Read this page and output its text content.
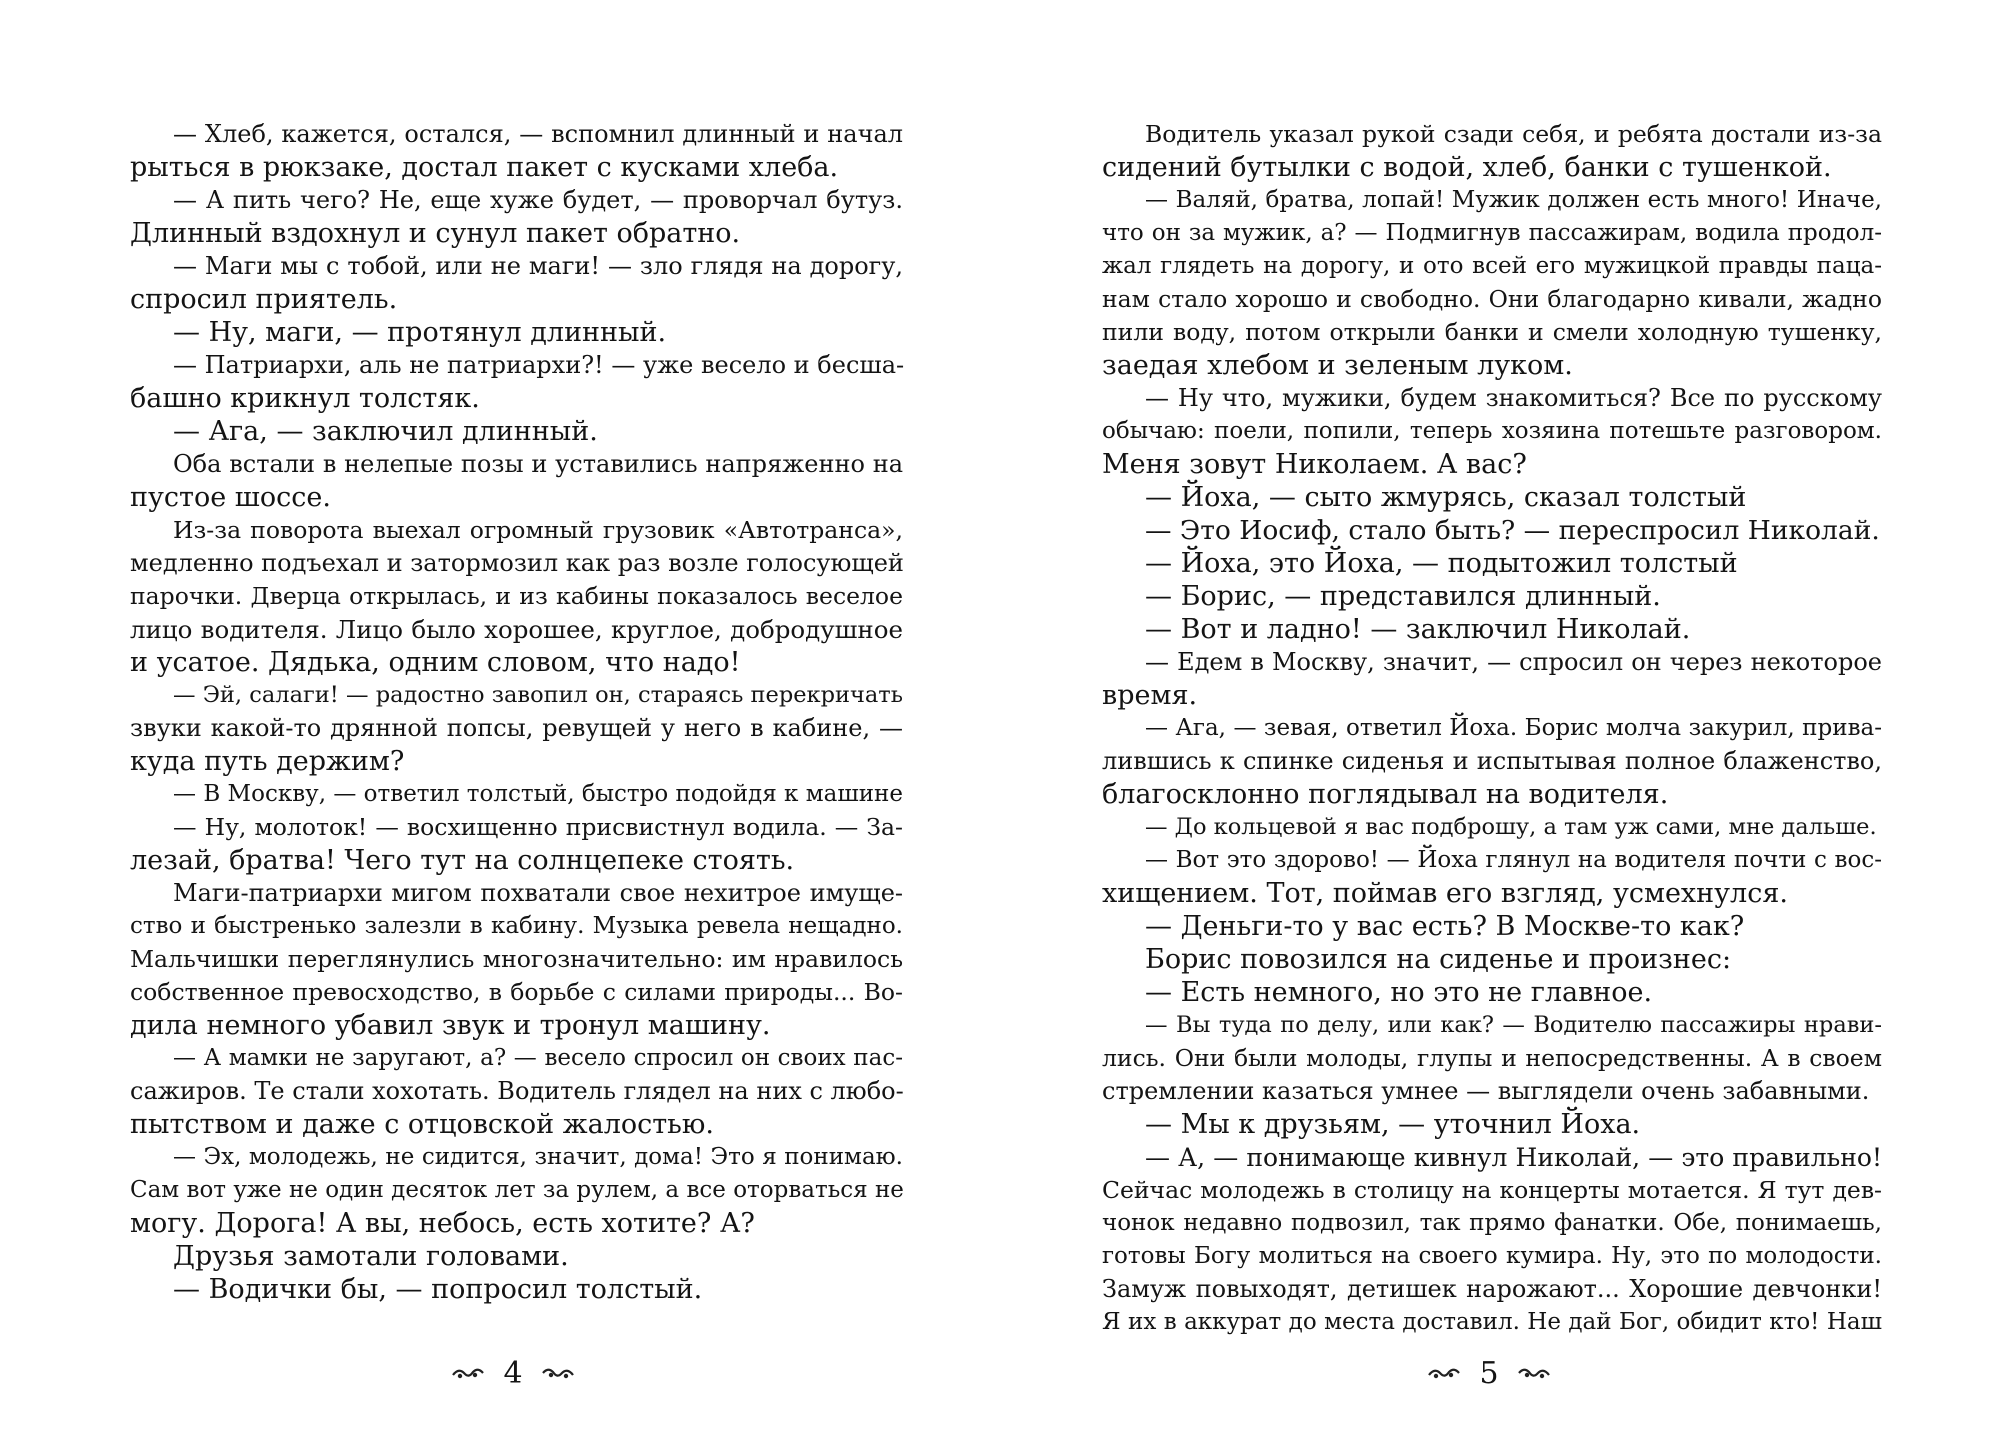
— Хлеб, кажется, остался, — вспомнил длинный и начал
рыться в рюкзаке, достал пакет с кусками хлеба.
— А пить чего? Не, еще хуже будет, — проворчал бутуз.
Длинный вздохнул и сунул пакет обратно.
— Маги мы с тобой, или не маги! — зло глядя на дорогу,
спросил приятель.
— Ну, маги, — протянул длинный.
— Патриархи, аль не патриархи?! — уже весело и бесша-
башно крикнул толстяк.
— Ага, — заключил длинный.
Оба встали в нелепые позы и уставились напряженно на
пустое шоссе.
Из-за поворота выехал огромный грузовик «Автотранса»,
медленно подъехал и затормозил как раз возле голосующей
парочки. Дверца открылась, и из кабины показалось веселое
лицо водителя. Лицо было хорошее, круглое, добродушное
и усатое. Дядька, одним словом, что надо!
— Эй, салаги! — радостно завопил он, стараясь перекричать
звуки какой-то дрянной попсы, ревущей у него в кабине, —
куда путь держим?
— В Москву, — ответил толстый, быстро подойдя к машине
— Ну, молоток! — восхищенно присвистнул водила. — За-
лезай, братва! Чего тут на солнцепеке стоять.
Маги-патриархи мигом похватали свое нехитрое имуще-
ство и быстренько залезли в кабину. Музыка ревела нещадно.
Мальчишки переглянулись многозначительно: им нравилось
собственное превосходство, в борьбе с силами природы... Во-
дила немного убавил звук и тронул машину.
— А мамки не заругают, а? — весело спросил он своих пас-
сажиров. Те стали хохотать. Водитель глядел на них с любо-
пытством и даже с отцовской жалостью.
— Эх, молодежь, не сидится, значит, дома! Это я понимаю.
Сам вот уже не один десяток лет за рулем, а все оторваться не
могу. Дорога! А вы, небось, есть хотите? А?
Друзья замотали головами.
— Водички бы, — попросил толстый.
4
Водитель указал рукой сзади себя, и ребята достали из-за
сидений бутылки с водой, хлеб, банки с тушенкой.
— Валяй, братва, лопай! Мужик должен есть много! Иначе,
что он за мужик, а? — Подмигнув пассажирам, водила продол-
жал глядеть на дорогу, и ото всей его мужицкой правды паца-
нам стало хорошо и свободно. Они благодарно кивали, жадно
пили воду, потом открыли банки и смели холодную тушенку,
заедая хлебом и зеленым луком.
— Ну что, мужики, будем знакомиться? Все по русскому
обычаю: поели, попили, теперь хозяина потешьте разговором.
Меня зовут Николаем. А вас?
— Йоха, — сыто жмурясь, сказал толстый
— Это Иосиф, стало быть? — переспросил Николай.
— Йоха, это Йоха, — подытожил толстый
— Борис, — представился длинный.
— Вот и ладно! — заключил Николай.
— Едем в Москву, значит, — спросил он через некоторое
время.
— Ага, — зевая, ответил Йоха. Борис молча закурил, прива-
лившись к спинке сиденья и испытывая полное блаженство,
благосклонно поглядывал на водителя.
— До кольцевой я вас подброшу, а там уж сами, мне дальше.
— Вот это здорово! — Йоха глянул на водителя почти с вос-
хищением. Тот, поймав его взгляд, усмехнулся.
— Деньги-то у вас есть? В Москве-то как?
Борис повозился на сиденье и произнес:
— Есть немного, но это не главное.
— Вы туда по делу, или как? — Водителю пассажиры нрави-
лись. Они были молоды, глупы и непосредственны. А в своем
стремлении казаться умнее — выглядели очень забавными.
— Мы к друзьям, — уточнил Йоха.
— А, — понимающе кивнул Николай, — это правильно!
Сейчас молодежь в столицу на концерты мотается. Я тут дев-
чонок недавно подвозил, так прямо фанатки. Обе, понимаешь,
готовы Богу молиться на своего кумира. Ну, это по молодости.
Замуж повыходят, детишек нарожают... Хорошие девчонки!
Я их в аккурат до места доставил. Не дай Бог, обидит кто! Наш
5
